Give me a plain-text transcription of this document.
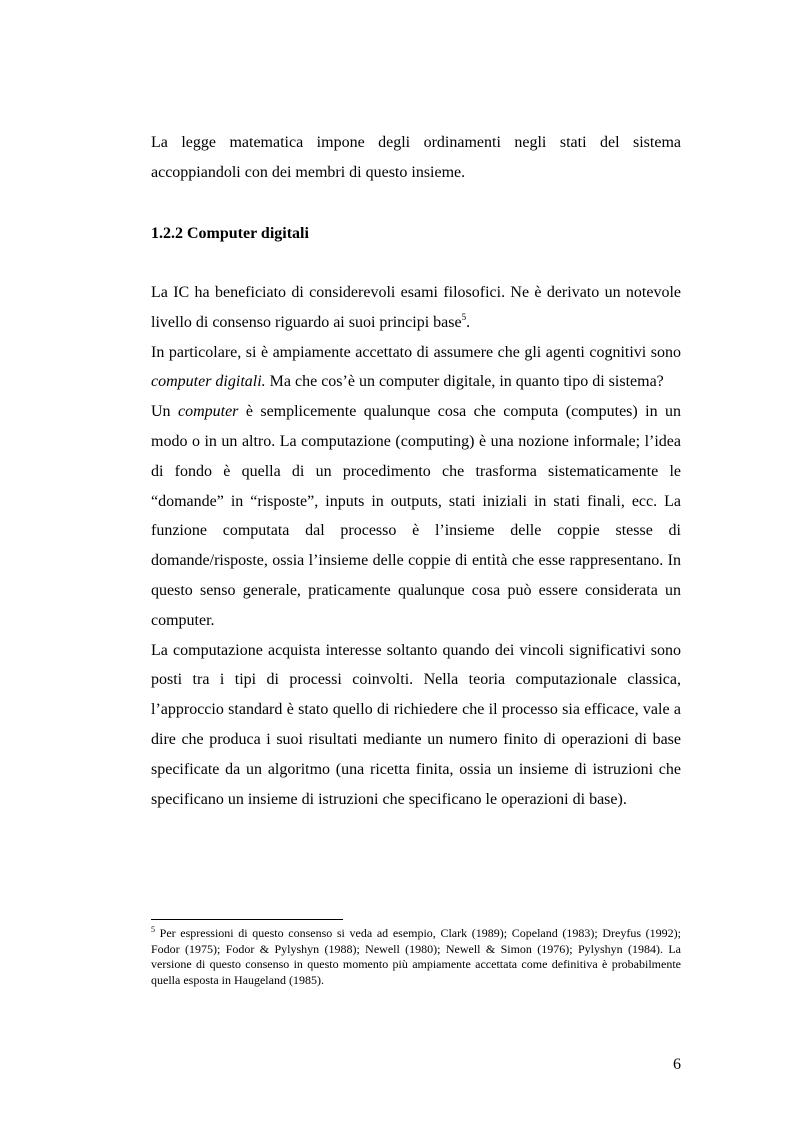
La legge matematica impone degli ordinamenti negli stati del sistema accoppiandoli con dei membri di questo insieme.

1.2.2 Computer digitali

La IC ha beneficiato di considerevoli esami filosofici. Ne è derivato un notevole livello di consenso riguardo ai suoi principi base$^5$.

In particolare, si è ampiamente accettato di assumere che gli agenti cognitivi sono computer digitali. Ma che cos’è un computer digitale, in quanto tipo di sistema?

Un computer è semplicemente qualunque cosa che computa (computes) in un modo o in un altro. La computazione (computing) è una nozione informale; l’idea di fondo è quella di un procedimento che trasforma sistematicamente le “domande” in “risposte”, inputs in outputs, stati iniziali in stati finali, ecc. La funzione computata dal processo è l’insieme delle coppie stesse di domande/risposte, ossia l’insieme delle coppie di entità che esse rappresentano. In questo senso generale, praticamente qualunque cosa può essere considerata un computer.

La computazione acquista interesse soltanto quando dei vincoli significativi sono posti tra i tipi di processi coinvolti. Nella teoria computazionale classica, l’approccio standard è stato quello di richiedere che il processo sia efficace, vale a dire che produca i suoi risultati mediante un numero finito di operazioni di base specificate da un algoritmo (una ricetta finita, ossia un insieme di istruzioni che specificano un insieme di istruzioni che specificano le operazioni di base).

$^5$ Per espressioni di questo consenso si veda ad esempio, Clark (1989); Copeland (1983); Dreyfus (1992); Fodor (1975); Fodor & Pylyshyn (1988); Newell (1980); Newell & Simon (1976); Pylyshyn (1984). La versione di questo consenso in questo momento più ampiamente accettata come definitiva è probabilmente quella esposta in Haugeland (1985).
6
